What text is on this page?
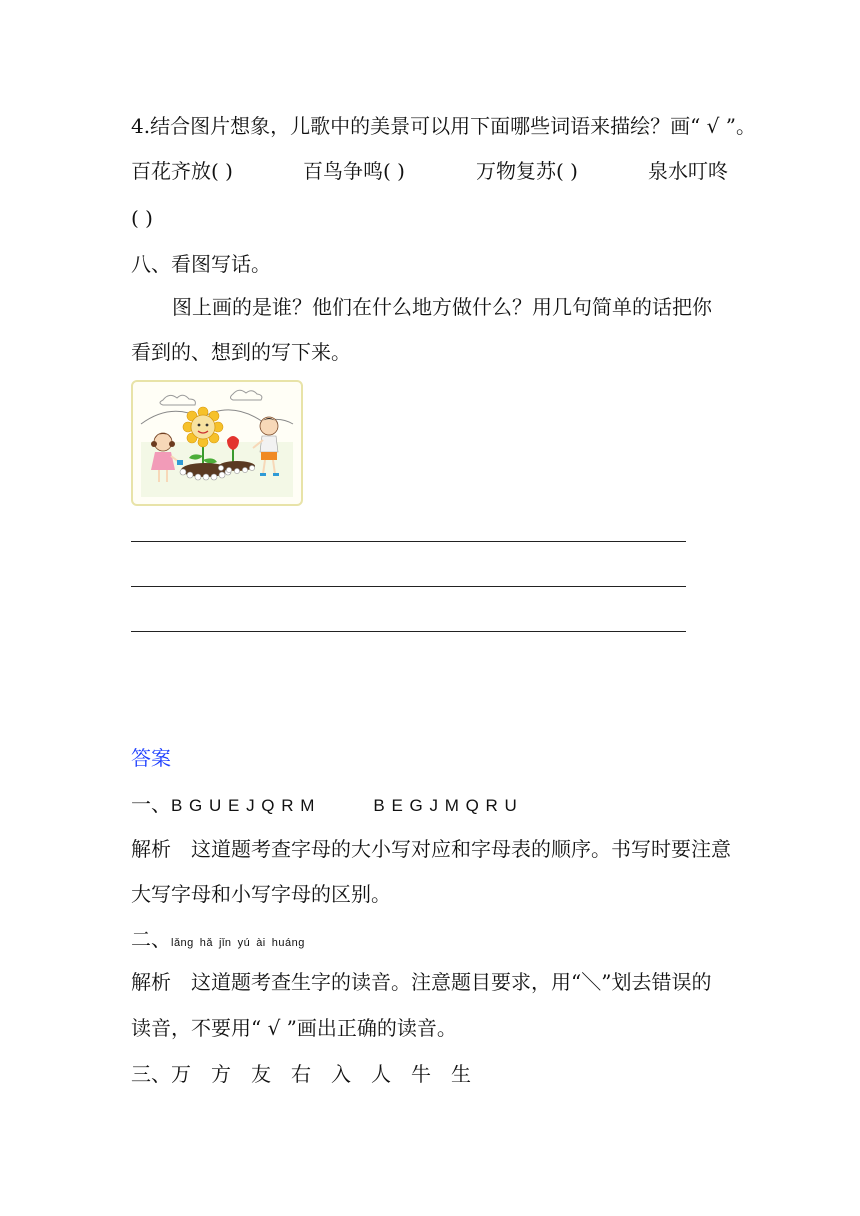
4.结合图片想象，儿歌中的美景可以用下面哪些词语来描绘？画“ √ ”。
百花齐放( )	百鸟争鸣( )	万物复苏( )	泉水叮咚
( )
八、看图写话。
图上画的是谁？他们在什么地方做什么？用几句简单的话把你
看到的、想到的写下来。
答案
一、B G U E J Q R M	B E G J M Q R U
解析 这道题考查字母的大小写对应和字母表的顺序。书写时要注意
大写字母和小写字母的区别。
二、lǎng hǎ jǐn yú ài huáng
解析 这道题考查生字的读音。注意题目要求，用“＼”划去错误的
读音，不要用“ √ ”画出正确的读音。
三、万 方 友 右 入 人 牛 生
